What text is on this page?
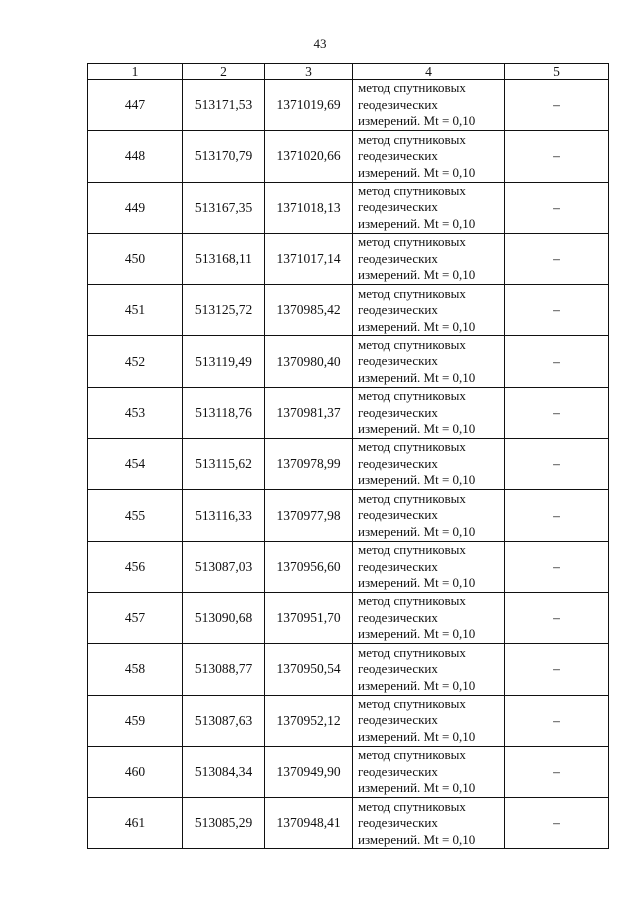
43
1	2	3	4	5
447	513171,53	1371019,69	метод спутниковых
геодезических
измерений. Mt = 0,10	–
448	513170,79	1371020,66	метод спутниковых
геодезических
измерений. Mt = 0,10	–
449	513167,35	1371018,13	метод спутниковых
геодезических
измерений. Mt = 0,10	–
450	513168,11	1371017,14	метод спутниковых
геодезических
измерений. Mt = 0,10	–
451	513125,72	1370985,42	метод спутниковых
геодезических
измерений. Mt = 0,10	–
452	513119,49	1370980,40	метод спутниковых
геодезических
измерений. Mt = 0,10	–
453	513118,76	1370981,37	метод спутниковых
геодезических
измерений. Mt = 0,10	–
454	513115,62	1370978,99	метод спутниковых
геодезических
измерений. Mt = 0,10	–
455	513116,33	1370977,98	метод спутниковых
геодезических
измерений. Mt = 0,10	–
456	513087,03	1370956,60	метод спутниковых
геодезических
измерений. Mt = 0,10	–
457	513090,68	1370951,70	метод спутниковых
геодезических
измерений. Mt = 0,10	–
458	513088,77	1370950,54	метод спутниковых
геодезических
измерений. Mt = 0,10	–
459	513087,63	1370952,12	метод спутниковых
геодезических
измерений. Mt = 0,10	–
460	513084,34	1370949,90	метод спутниковых
геодезических
измерений. Mt = 0,10	–
461	513085,29	1370948,41	метод спутниковых
геодезических
измерений. Mt = 0,10	–
